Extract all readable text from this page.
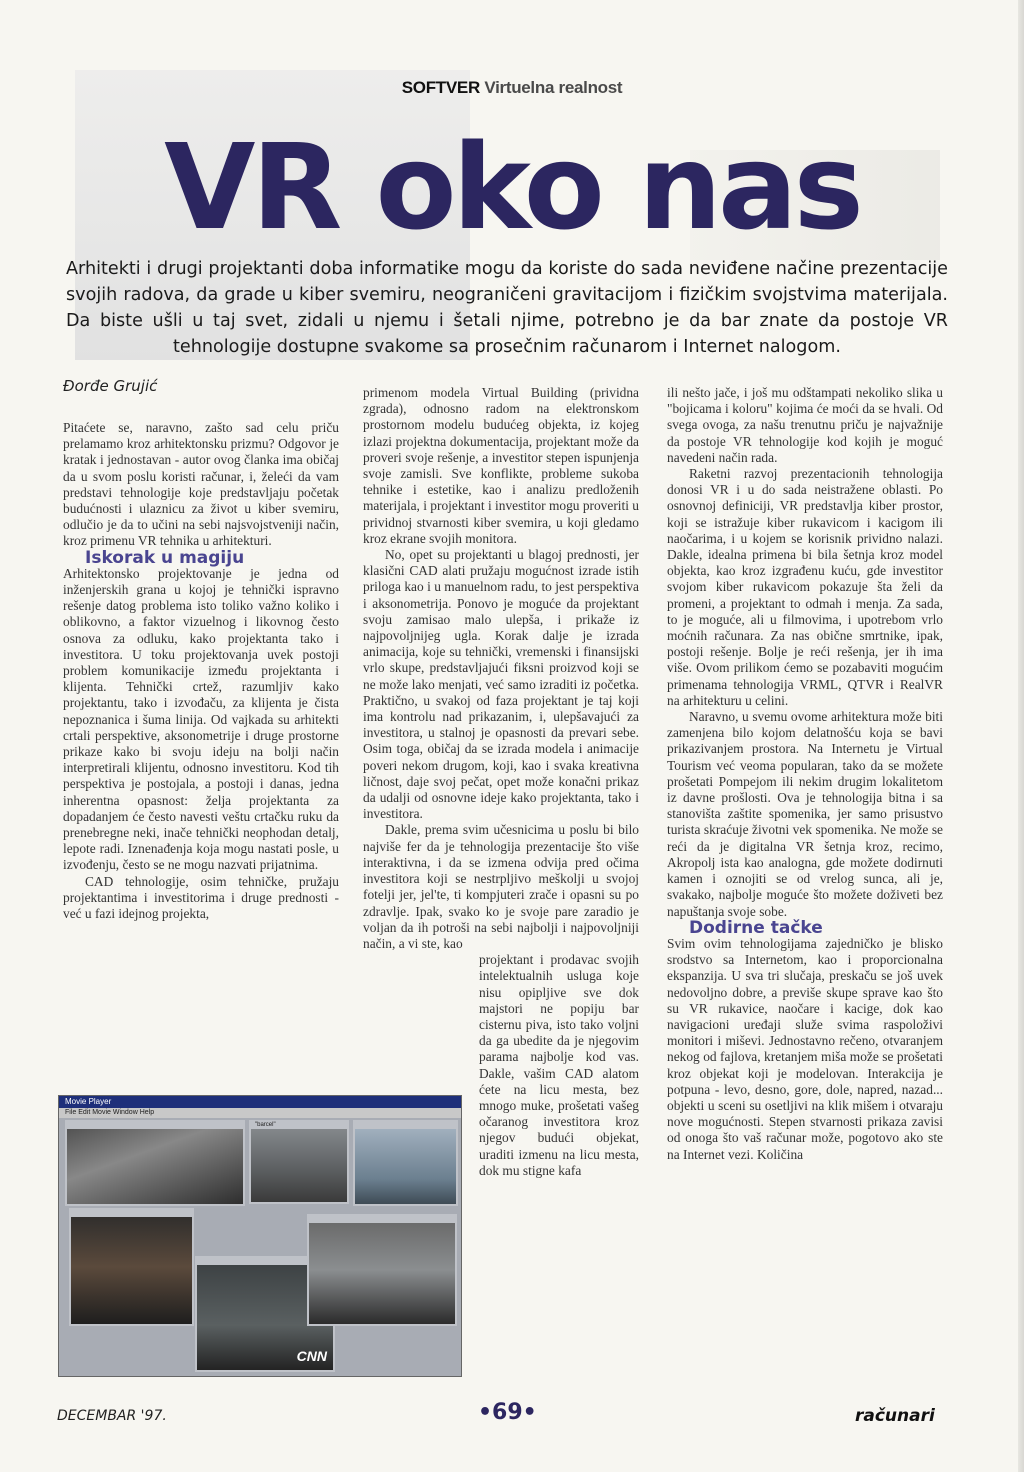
SOFTVER Virtuelna realnost
VR oko nas
Arhitekti i drugi projektanti doba informatike mogu da koriste do sada neviđene načine prezentacije svojih radova, da grade u kiber svemiru, neograničeni gravitacijom i fizičkim svojstvima materijala. Da biste ušli u taj svet, zidali u njemu i šetali njime, potrebno je da bar znate da postoje VR tehnologije dostupne svakome sa prosečnim računarom i Internet nalogom.
Đorđe Grujić

Pitaćete se, naravno, zašto sad celu priču prelamamo kroz arhitektonsku prizmu? Odgovor je kratak i jednostavan - autor ovog članka ima običaj da u svom poslu koristi računar, i, želeći da vam predstavi tehnologije koje predstavljaju početak budućnosti i ulaznicu za život u kiber svemiru, odlučio je da to učini na sebi najsvojstveniji način, kroz primenu VR tehnika u arhitekturi.

Iskorak u magiju

Arhitektonsko projektovanje je jedna od inženjerskih grana u kojoj je tehnički ispravno rešenje datog problema isto toliko važno koliko i oblikovno, a faktor vizuelnog i likovnog često osnova za odluku, kako projektanta tako i investitora. U toku projektovanja uvek postoji problem komunikacije između projektanta i klijenta. Tehnički crtež, razumljiv kako projektantu, tako i izvođaču, za klijenta je čista nepoznanica i šuma linija. Od vajkada su arhitekti crtali perspektive, aksonometrije i druge prostorne prikaze kako bi svoju ideju na bolji način interpretirali klijentu, odnosno investitoru. Kod tih perspektiva je postojala, a postoji i danas, jedna inherentna opasnost: želja projektanta za dopadanjem će često navesti veštu crtačku ruku da prenebregne neki, inače tehnički neophodan detalj, lepote radi. Iznenađenja koja mogu nastati posle, u izvođenju, često se ne mogu nazvati prijatnima.

CAD tehnologije, osim tehničke, pružaju projektantima i investitorima i druge prednosti - već u fazi idejnog projekta,

primenom modela Virtual Building (prividna zgrada), odnosno radom na elektronskom prostornom modelu budućeg objekta, iz kojeg izlazi projektna dokumentacija, projektant može da proveri svoje rešenje, a investitor stepen ispunjenja svoje zamisli. Sve konflikte, probleme sukoba tehnike i estetike, kao i analizu predloženih materijala, i projektant i investitor mogu proveriti u prividnoj stvarnosti kiber svemira, u koji gledamo kroz ekrane svojih monitora.

No, opet su projektanti u blagoj prednosti, jer klasični CAD alati pružaju mogućnost izrade istih priloga kao i u manuelnom radu, to jest perspektiva i aksonometrija. Ponovo je moguće da projektant svoju zamisao malo ulepša, i prikaže iz najpovoljnijeg ugla. Korak dalje je izrada animacija, koje su tehnički, vremenski i finansijski vrlo skupe, predstavljajući fiksni proizvod koji se ne može lako menjati, već samo izraditi iz početka. Praktično, u svakoj od faza projektant je taj koji ima kontrolu nad prikazanim, i, ulepšavajući za investitora, u stalnoj je opasnosti da prevari sebe. Osim toga, običaj da se izrada modela i animacije poveri nekom drugom, koji, kao i svaka kreativna ličnost, daje svoj pečat, opet može konačni prikaz da udalji od osnovne ideje kako projektanta, tako i investitora.

Dakle, prema svim učesnicima u poslu bi bilo najviše fer da je tehnologija prezentacije što više interaktivna, i da se izmena odvija pred očima investitora koji se nestrpljivo meškolji u svojoj fotelji jer, jel'te, ti kompjuteri zrače i opasni su po zdravlje. Ipak, svako ko je svoje pare zaradio je voljan da ih potroši na sebi najbolji i najpovoljniji način, a vi ste, kao

projektant i prodavac svojih intelektualnih usluga koje nisu opipljive sve dok majstori ne popiju bar cisternu piva, isto tako voljni da ga ubedite da je njegovim parama najbolje kod vas. Dakle, vašim CAD alatom ćete na licu mesta, bez mnogo muke, prošetati vašeg očaranog investitora kroz njegov budući objekat, uraditi izmenu na licu mesta, dok mu stigne kafa

ili nešto jače, i još mu odštampati nekoliko slika u "bojicama i koloru" kojima će moći da se hvali. Od svega ovoga, za našu trenutnu priču je najvažnije da postoje VR tehnologije kod kojih je moguć navedeni način rada.

Raketni razvoj prezentacionih tehnologija donosi VR i u do sada neistražene oblasti. Po osnovnoj definiciji, VR predstavlja kiber prostor, koji se istražuje kiber rukavicom i kacigom ili naočarima, i u kojem se korisnik prividno nalazi. Dakle, idealna primena bi bila šetnja kroz model objekta, kao kroz izgrađenu kuću, gde investitor svojom kiber rukavicom pokazuje šta želi da promeni, a projektant to odmah i menja. Za sada, to je moguće, ali u filmovima, i upotrebom vrlo moćnih računara. Za nas obične smrtnike, ipak, postoji rešenje. Bolje je reći rešenja, jer ih ima više. Ovom prilikom ćemo se pozabaviti mogućim primenama tehnologija VRML, QTVR i RealVR na arhitekturu u celini.

Naravno, u svemu ovome arhitektura može biti zamenjena bilo kojom delatnošću koja se bavi prikazivanjem prostora. Na Internetu je Virtual Tourism već veoma popularan, tako da se možete prošetati Pompejom ili nekim drugim lokalitetom iz davne prošlosti. Ova je tehnologija bitna i sa stanovišta zaštite spomenika, jer samo prisustvo turista skraćuje životni vek spomenika. Ne može se reći da je digitalna VR šetnja kroz, recimo, Akropolj ista kao analogna, gde možete dodirnuti kamen i oznojiti se od vrelog sunca, ali je, svakako, najbolje moguće što možete doživeti bez napuštanja svoje sobe.

Dodirne tačke

Svim ovim tehnologijama zajedničko je blisko srodstvo sa Internetom, kao i proporcionalna ekspanzija. U sva tri slučaja, preskaču se još uvek nedovoljno dobre, a previše skupe sprave kao što su VR rukavice, naočare i kacige, dok kao navigacioni uređaji služe svima raspoloživi monitori i miševi. Jednostavno rečeno, otvaranjem nekog od fajlova, kretanjem miša može se prošetati kroz objekat koji je modelovan. Interakcija je potpuna - levo, desno, gore, dole, napred, nazad... objekti u sceni su osetljivi na klik mišem i otvaraju nove mogućnosti. Stepen stvarnosti prikaza zavisi od onoga što vaš računar može, pogotovo ako ste na Internet vezi. Količina

Movie Player
File Edit Movie Window Help
"barcel"
CNN
DECEMBAR '97.	•69•	računari
